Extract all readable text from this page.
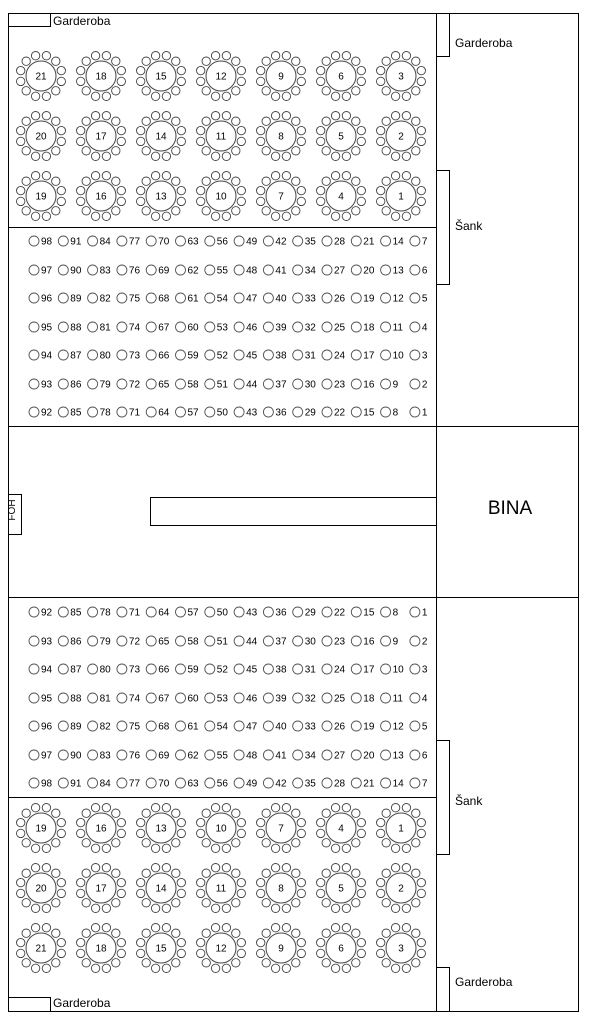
Garderoba
Garderoba
Šank
BINA
FOH
Šank
Garderoba
Garderoba
21	18	15	12	9	6	3
20	17	14	11	8	5	2
19	16	13	10	7	4	1
98 91 84 77 70 63 56 49 42 35 28 21 14 7
97 90 83 76 69 62 55 48 41 34 27 20 13 6
96 89 82 75 68 61 54 47 40 33 26 19 12 5
95 88 81 74 67 60 53 46 39 32 25 18 11 4
94 87 80 73 66 59 52 45 38 31 24 17 10 3
93 86 79 72 65 58 51 44 37 30 23 16 9 2
92 85 78 71 64 57 50 43 36 29 22 15 8 1
92 85 78 71 64 57 50 43 36 29 22 15 8 1
93 86 79 72 65 58 51 44 37 30 23 16 9 2
94 87 80 73 66 59 52 45 38 31 24 17 10 3
95 88 81 74 67 60 53 46 39 32 25 18 11 4
96 89 82 75 68 61 54 47 40 33 26 19 12 5
97 90 83 76 69 62 55 48 41 34 27 20 13 6
98 91 84 77 70 63 56 49 42 35 28 21 14 7
19	16	13	10	7	4	1
20	17	14	11	8	5	2
21	18	15	12	9	6	3
